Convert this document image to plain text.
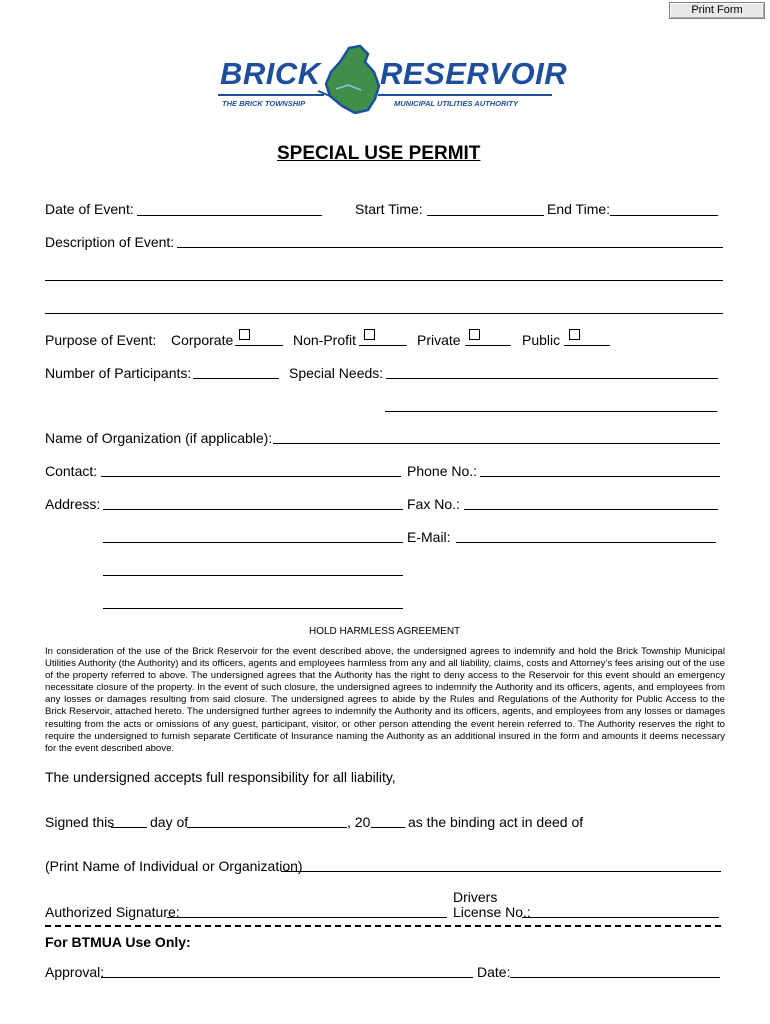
Print Form
BRICK RESERVOIR
THE BRICK TOWNSHIP	MUNICIPAL UTILITIES AUTHORITY
SPECIAL USE PERMIT
Date of Event:	Start Time:	End Time:
Description of Event:
Purpose of Event: Corporate	Non-Profit	Private	Public
Number of Participants:	Special Needs:
Name of Organization (if applicable):
Contact:	Phone No.:
Address:	Fax No.:
E-Mail:
HOLD HARMLESS AGREEMENT
In consideration of the use of the Brick Reservoir for the event described above, the undersigned agrees to indemnify and hold the Brick Township Municipal Utilities Authority (the Authority) and its officers, agents and employees harmless from any and all liability, claims, costs and Attorney’s fees arising out of the use of the property referred to above. The undersigned agrees that the Authority has the right to deny access to the Reservoir for this event should an emergency necessitate closure of the property. In the event of such closure, the undersigned agrees to indemnify the Authority and its officers, agents, and employees from any losses or damages resulting from said closure. The undersigned agrees to abide by the Rules and Regulations of the Authority for Public Access to the Brick Reservoir, attached hereto. The undersigned further agrees to indemnify the Authority and its officers, agents, and employees from any losses or damages resulting from the acts or omissions of any guest, participant, visitor, or other person attending the event herein referred to. The Authority reserves the right to require the undersigned to furnish separate Certificate of Insurance naming the Authority as an additional insured in the form and amounts it deems necessary for the event described above.
The undersigned accepts full responsibility for all liability,
Signed this	day of	, 20	as the binding act in deed of
(Print Name of Individual or Organization)
Drivers
Authorized Signature:	License No.:
For BTMUA Use Only:
Approval:	Date:
